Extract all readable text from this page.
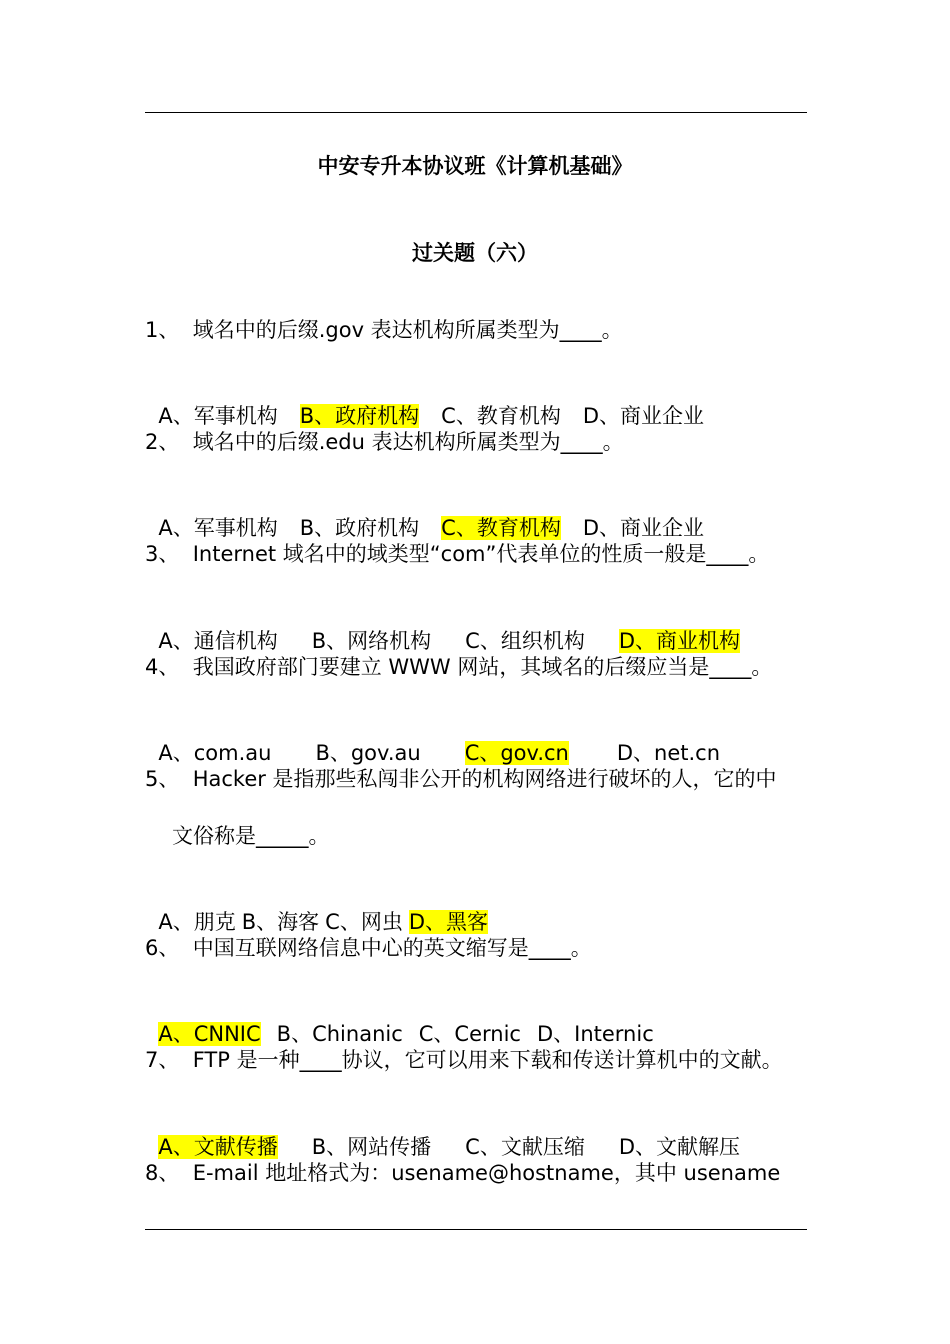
中安专升本协议班《计算机基础》
过关题（六）
1、  域名中的后缀.gov 表达机构所属类型为____。

A、军事机构 B、政府机构 C、教育机构 D、商业企业

2、  域名中的后缀.edu 表达机构所属类型为____。

A、军事机构 B、政府机构 C、教育机构 D、商业企业

3、  Internet 域名中的域类型“com”代表单位的性质一般是____。

A、通信机构 B、网络机构 C、组织机构 D、商业机构

4、  我国政府部门要建立 WWW 网站，其域名的后缀应当是____。

A、com.au B、gov.au C、gov.cn D、net.cn

5、  Hacker 是指那些私闯非公开的机构网络进行破坏的人，它的中
文俗称是_____。

A、朋克 B、海客 C、网虫 D、黑客

6、  中国互联网络信息中心的英文缩写是____。

A、CNNIC B、Chinanic C、Cernic D、Internic

7、  FTP 是一种____协议，它可以用来下载和传送计算机中的文献。

A、文献传播 B、网站传播 C、文献压缩 D、文献解压

8、  E-mail 地址格式为：usename@hostname，其中 usename
